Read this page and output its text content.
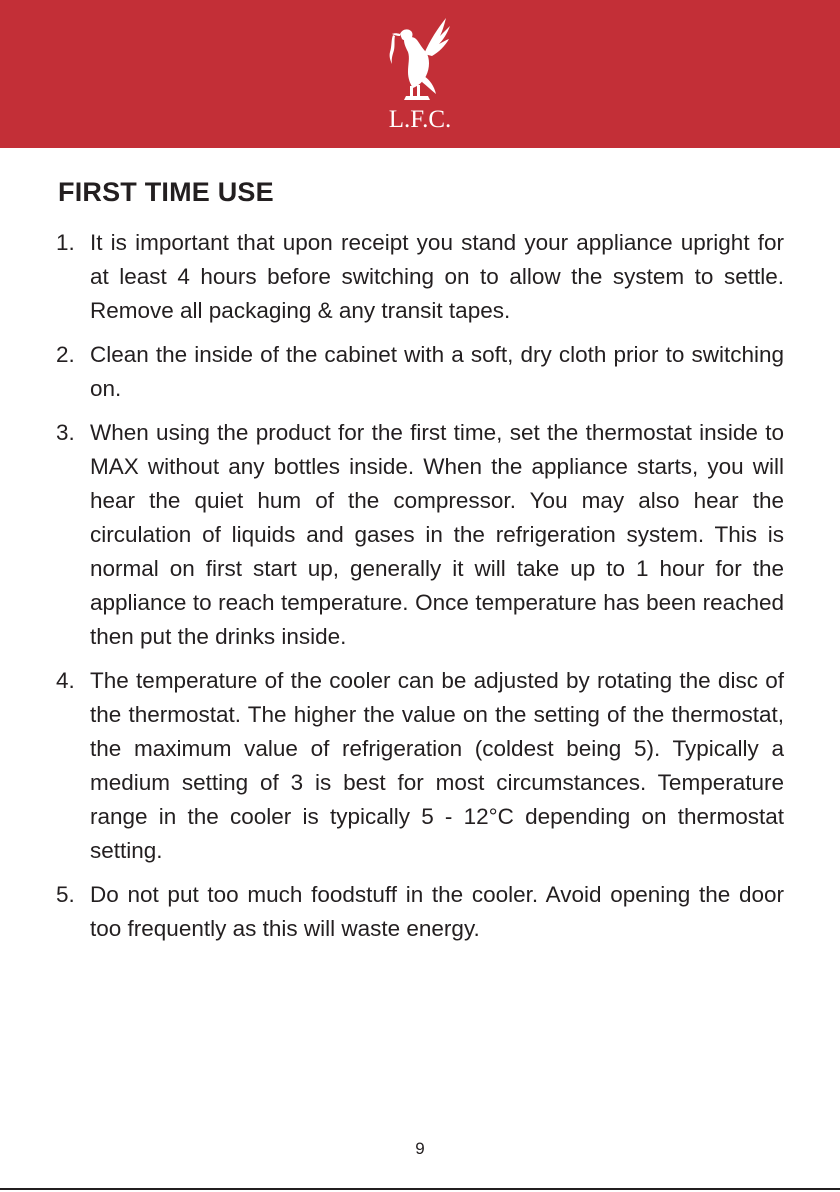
L.F.C.
FIRST TIME USE
1. It is important that upon receipt you stand your appliance upright for at least 4 hours before switching on to allow the system to settle. Remove all packaging & any transit tapes.
2. Clean the inside of the cabinet with a soft, dry cloth prior to switching on.
3. When using the product for the first time, set the thermostat inside to MAX without any bottles inside. When the appliance starts, you will hear the quiet hum of the compressor. You may also hear the circulation of liquids and gases in the refrigeration system. This is normal on first start up, generally it will take up to 1 hour for the appliance to reach temperature. Once temperature has been reached then put the drinks inside.
4. The temperature of the cooler can be adjusted by rotating the disc of the thermostat. The higher the value on the setting of the thermostat, the maximum value of refrigeration (coldest being 5). Typically a medium setting of 3 is best for most circumstances. Temperature range in the cooler is typically 5 - 12°C depending on thermostat setting.
5. Do not put too much foodstuff in the cooler. Avoid opening the door too frequently as this will waste energy.
9
